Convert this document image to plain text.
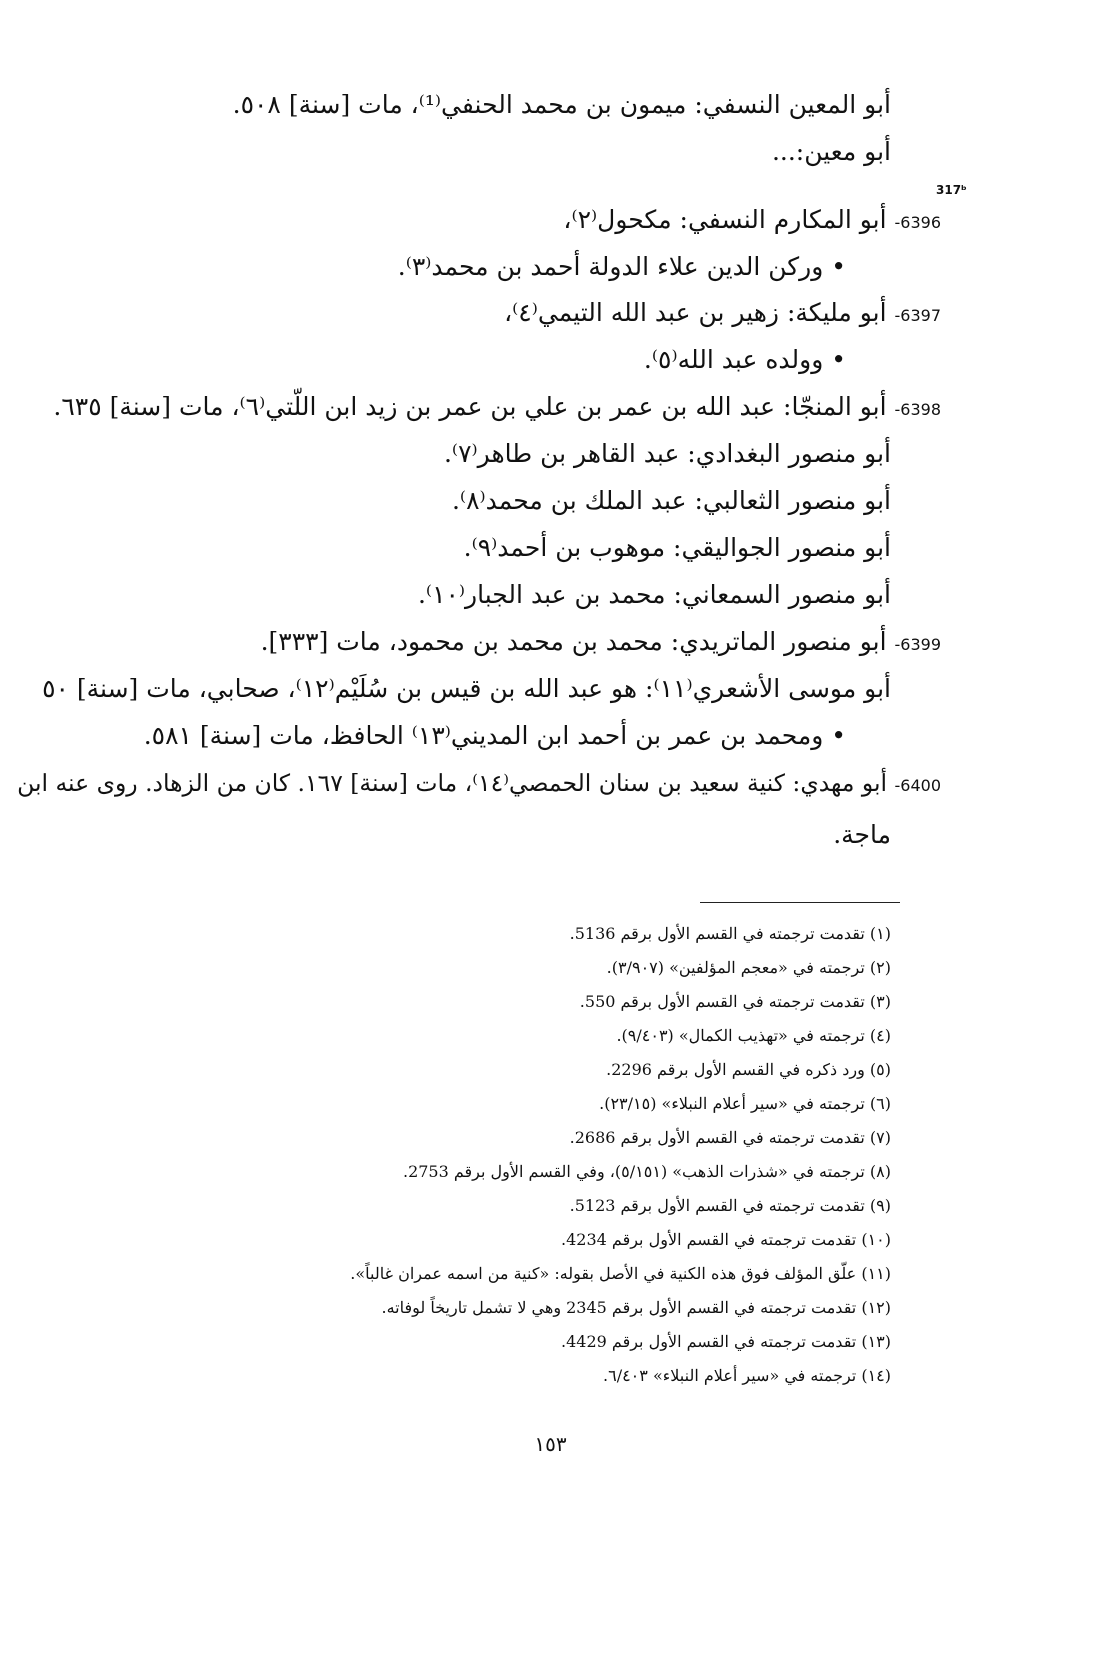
317ᵇ
أبو المعين النسفي: ميمون بن محمد الحنفي⁽¹⁾، مات [سنة] ٥٠٨.
أبو معين:...
6396- أبو المكارم النسفي: مكحول⁽٢⁾،
• وركن الدين علاء الدولة أحمد بن محمد⁽٣⁾.
6397- أبو مليكة: زهير بن عبد الله التيمي⁽٤⁾،
• وولده عبد الله⁽٥⁾.
6398- أبو المنجّا: عبد الله بن عمر بن علي بن عمر بن زيد ابن اللّتي⁽٦⁾، مات [سنة] ٦٣٥.
أبو منصور البغدادي: عبد القاهر بن طاهر⁽٧⁾.
أبو منصور الثعالبي: عبد الملك بن محمد⁽٨⁾.
أبو منصور الجواليقي: موهوب بن أحمد⁽٩⁾.
أبو منصور السمعاني: محمد بن عبد الجبار⁽١٠⁾.
6399- أبو منصور الماتريدي: محمد بن محمد بن محمود، مات [٣٣٣].
أبو موسى الأشعري⁽١١⁾: هو عبد الله بن قيس بن سُلَيْم⁽١٢⁾، صحابي، مات [سنة] ٥٠
• ومحمد بن عمر بن أحمد ابن المديني⁽١٣⁾ الحافظ، مات [سنة] ٥٨١.
6400- أبو مهدي: كنية سعيد بن سنان الحمصي⁽١٤⁾، مات [سنة] ١٦٧. كان من الزهاد. روى عنه ابن
ماجة.
(١) تقدمت ترجمته في القسم الأول برقم 5136.
(٢) ترجمته في «معجم المؤلفين» (٣/٩٠٧).
(٣) تقدمت ترجمته في القسم الأول برقم 550.
(٤) ترجمته في «تهذيب الكمال» (٩/٤٠٣).
(٥) ورد ذكره في القسم الأول برقم 2296.
(٦) ترجمته في «سير أعلام النبلاء» (٢٣/١٥).
(٧) تقدمت ترجمته في القسم الأول برقم 2686.
(٨) ترجمته في «شذرات الذهب» (٥/١٥١)، وفي القسم الأول برقم 2753.
(٩) تقدمت ترجمته في القسم الأول برقم 5123.
(١٠) تقدمت ترجمته في القسم الأول برقم 4234.
(١١) علّق المؤلف فوق هذه الكنية في الأصل بقوله: «كنية من اسمه عمران غالباً».
(١٢) تقدمت ترجمته في القسم الأول برقم 2345 وهي لا تشمل تاريخاً لوفاته.
(١٣) تقدمت ترجمته في القسم الأول برقم 4429.
(١٤) ترجمته في «سير أعلام النبلاء» ٦/٤٠٣.
١٥٣
